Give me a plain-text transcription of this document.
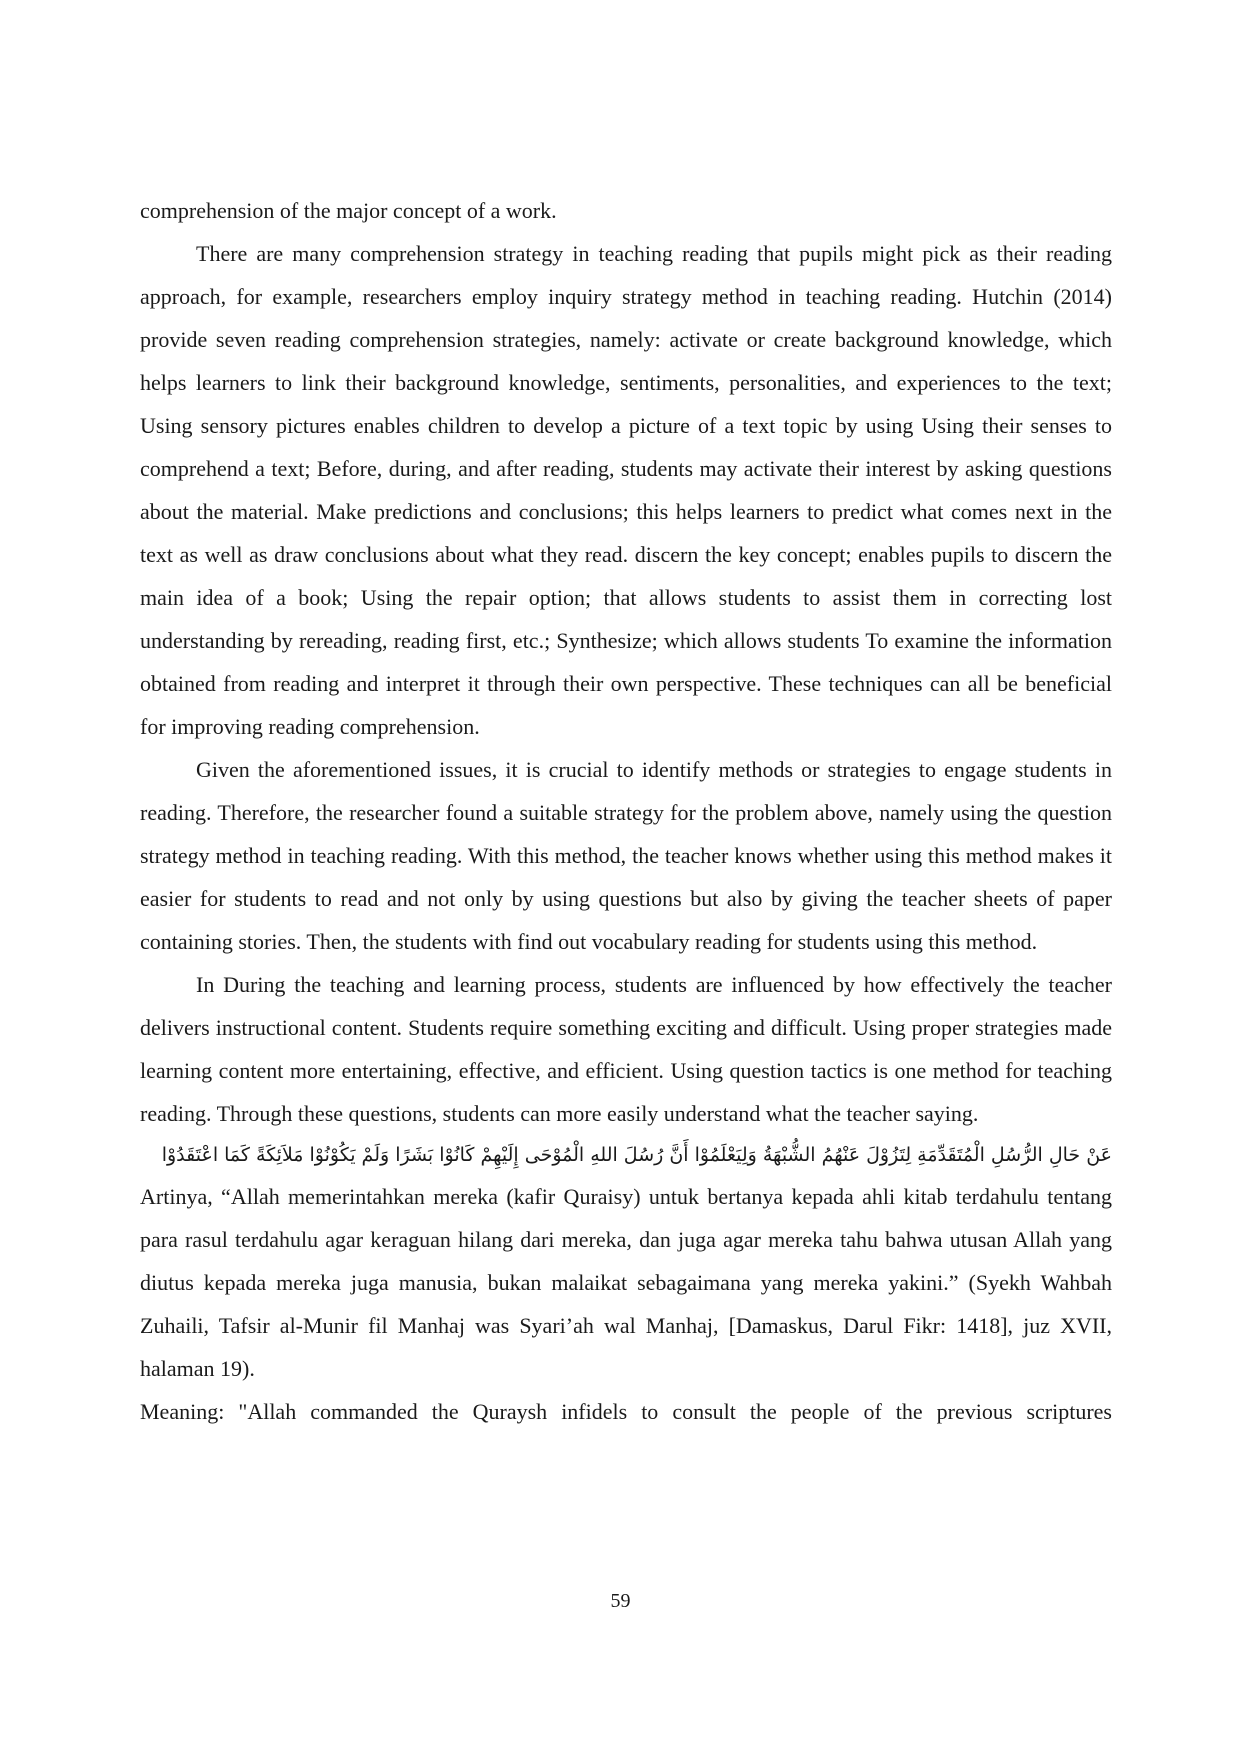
comprehension of the major concept of a work.

There are many comprehension strategy in teaching reading that pupils might pick as their reading approach, for example, researchers employ inquiry strategy method in teaching reading. Hutchin (2014) provide seven reading comprehension strategies, namely: activate or create background knowledge, which helps learners to link their background knowledge, sentiments, personalities, and experiences to the text; Using sensory pictures enables children to develop a picture of a text topic by using Using their senses to comprehend a text; Before, during, and after reading, students may activate their interest by asking questions about the material. Make predictions and conclusions; this helps learners to predict what comes next in the text as well as draw conclusions about what they read. discern the key concept; enables pupils to discern the main idea of a book; Using the repair option; that allows students to assist them in correcting lost understanding by rereading, reading first, etc.; Synthesize; which allows students To examine the information obtained from reading and interpret it through their own perspective. These techniques can all be beneficial for improving reading comprehension.

Given the aforementioned issues, it is crucial to identify methods or strategies to engage students in reading. Therefore, the researcher found a suitable strategy for the problem above, namely using the question strategy method in teaching reading. With this method, the teacher knows whether using this method makes it easier for students to read and not only by using questions but also by giving the teacher sheets of paper containing stories. Then, the students with find out vocabulary reading for students using this method.

In During the teaching and learning process, students are influenced by how effectively the teacher delivers instructional content. Students require something exciting and difficult. Using proper strategies made learning content more entertaining, effective, and efficient. Using question tactics is one method for teaching reading. Through these questions, students can more easily understand what the teacher saying.

عَنْ حَالِ الرُّسُلِ الْمُتَقَدِّمَةِ لِتَزُوْلَ عَنْهُمُ الشُّبْهَةُ وَلِيَعْلَمُوْا أَنَّ رُسُلَ اللهِ الْمُوْحَى إِلَيْهِمْ كَانُوْا بَشَرًا وَلَمْ يَكُوْنُوْا مَلاَئِكَةً كَمَا اعْتَقَدُوْا

Artinya, “Allah memerintahkan mereka (kafir Quraisy) untuk bertanya kepada ahli kitab terdahulu tentang para rasul terdahulu agar keraguan hilang dari mereka, dan juga agar mereka tahu bahwa utusan Allah yang diutus kepada mereka juga manusia, bukan malaikat sebagaimana yang mereka yakini.” (Syekh Wahbah Zuhaili, Tafsir al-Munir fil Manhaj was Syari’ah wal Manhaj, [Damaskus, Darul Fikr: 1418], juz XVII, halaman 19).

Meaning: "Allah commanded the Quraysh infidels to consult the people of the previous scriptures

59
